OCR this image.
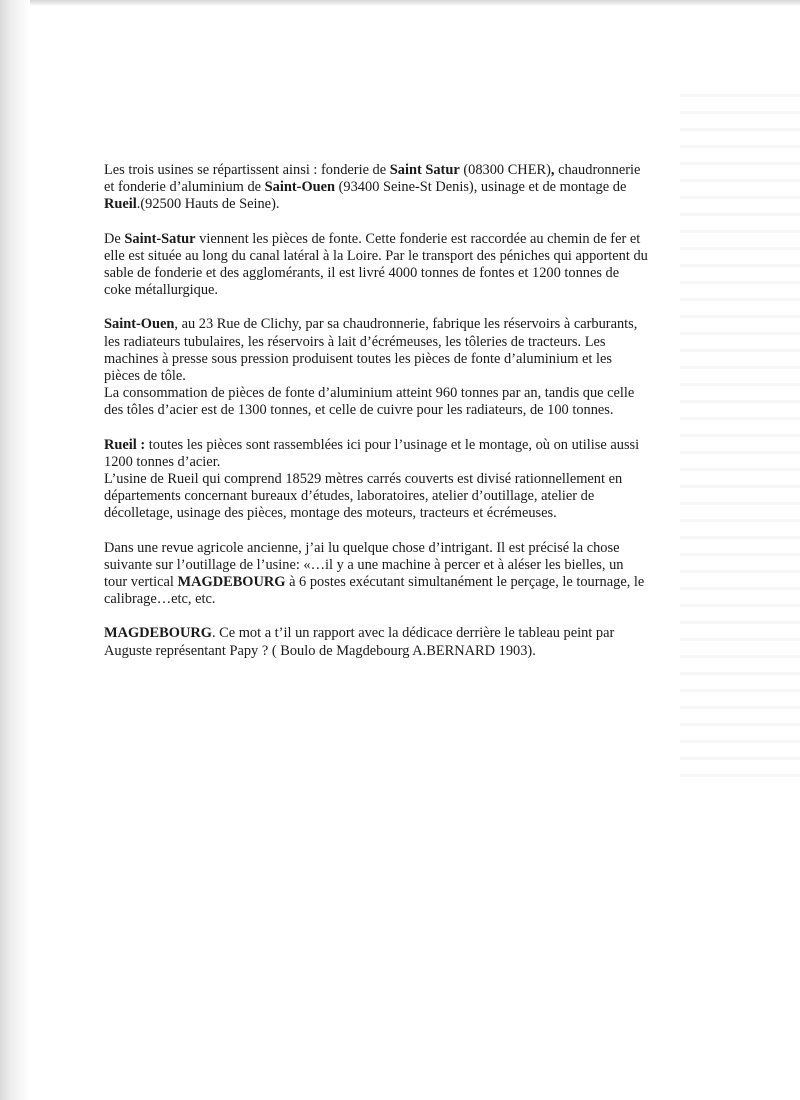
Les trois usines se répartissent ainsi : fonderie de Saint Satur (08300 CHER), chaudronnerie
et fonderie d’aluminium de Saint-Ouen (93400 Seine-St Denis), usinage et de montage de
Rueil.(92500 Hauts de Seine).

De Saint-Satur viennent les pièces de fonte. Cette fonderie est raccordée au chemin de fer et
elle est située au long du canal latéral à la Loire. Par le transport des péniches qui apportent du
sable de fonderie et des agglomérants, il est livré 4000 tonnes de fontes et 1200 tonnes de
coke métallurgique.

Saint-Ouen, au 23 Rue de Clichy, par sa chaudronnerie, fabrique les réservoirs à carburants,
les radiateurs tubulaires, les réservoirs à lait d’écrémeuses, les tôleries de tracteurs. Les
machines à presse sous pression produisent toutes les pièces de fonte d’aluminium et les
pièces de tôle.
La consommation de pièces de fonte d’aluminium atteint 960 tonnes par an, tandis que celle
des tôles d’acier est de 1300 tonnes, et celle de cuivre pour les radiateurs, de 100 tonnes.

Rueil : toutes les pièces sont rassemblées ici pour l’usinage et le montage, où on utilise aussi
1200 tonnes d’acier.
L’usine de Rueil qui comprend 18529 mètres carrés couverts est divisé rationnellement en
départements concernant bureaux d’études, laboratoires, atelier d’outillage, atelier de
décolletage, usinage des pièces, montage des moteurs, tracteurs et écrémeuses.

Dans une revue agricole ancienne, j’ai lu quelque chose d’intrigant. Il est précisé la chose
suivante sur l’outillage de l’usine: «…il y a une machine à percer et à aléser les bielles, un
tour vertical MAGDEBOURG à 6 postes exécutant simultanément le perçage, le tournage, le
calibrage…etc, etc.

MAGDEBOURG. Ce mot a t’il un rapport avec la dédicace derrière le tableau peint par
Auguste représentant Papy ? ( Boulo de Magdebourg A.BERNARD 1903).
